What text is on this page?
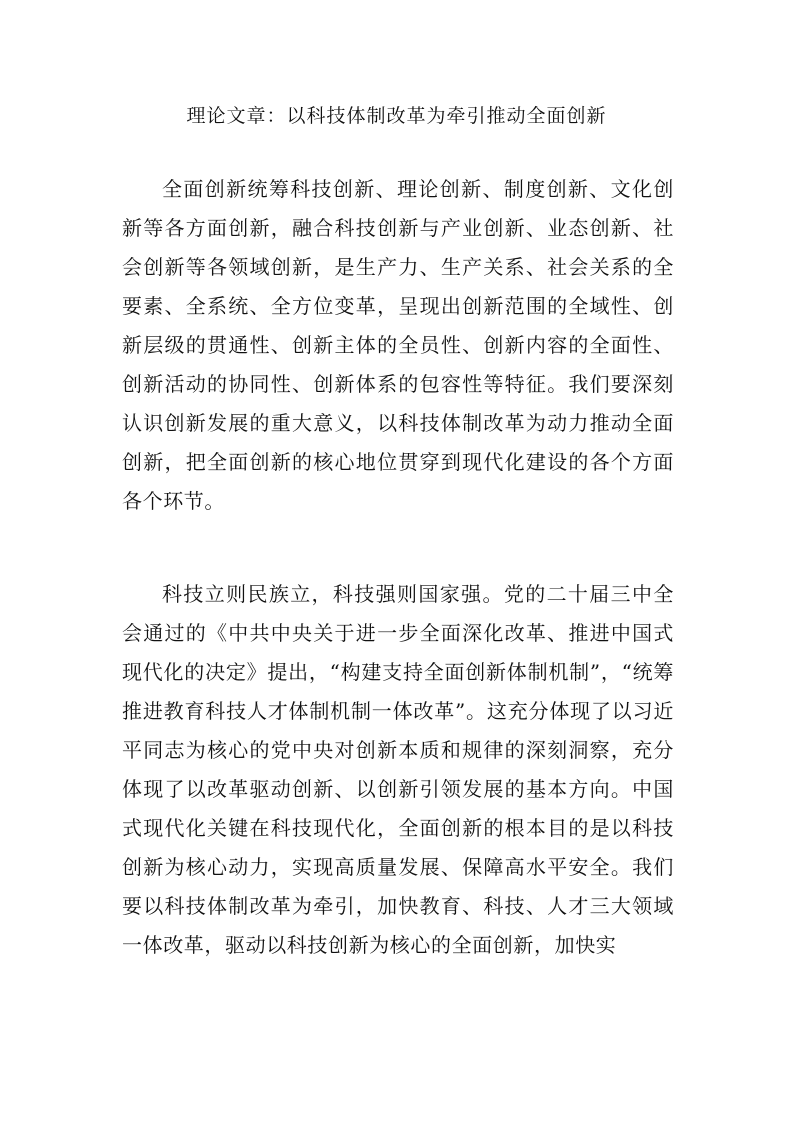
理论文章：以科技体制改革为牵引推动全面创新

全面创新统筹科技创新、理论创新、制度创新、文化创新等各方面创新，融合科技创新与产业创新、业态创新、社会创新等各领域创新，是生产力、生产关系、社会关系的全要素、全系统、全方位变革，呈现出创新范围的全域性、创新层级的贯通性、创新主体的全员性、创新内容的全面性、创新活动的协同性、创新体系的包容性等特征。我们要深刻认识创新发展的重大意义，以科技体制改革为动力推动全面创新，把全面创新的核心地位贯穿到现代化建设的各个方面各个环节。

科技立则民族立，科技强则国家强。党的二十届三中全会通过的《中共中央关于进一步全面深化改革、推进中国式现代化的决定》提出，“构建支持全面创新体制机制”，“统筹推进教育科技人才体制机制一体改革”。这充分体现了以习近平同志为核心的党中央对创新本质和规律的深刻洞察，充分体现了以改革驱动创新、以创新引领发展的基本方向。中国式现代化关键在科技现代化，全面创新的根本目的是以科技创新为核心动力，实现高质量发展、保障高水平安全。我们要以科技体制改革为牵引，加快教育、科技、人才三大领域一体改革，驱动以科技创新为核心的全面创新，加快实
